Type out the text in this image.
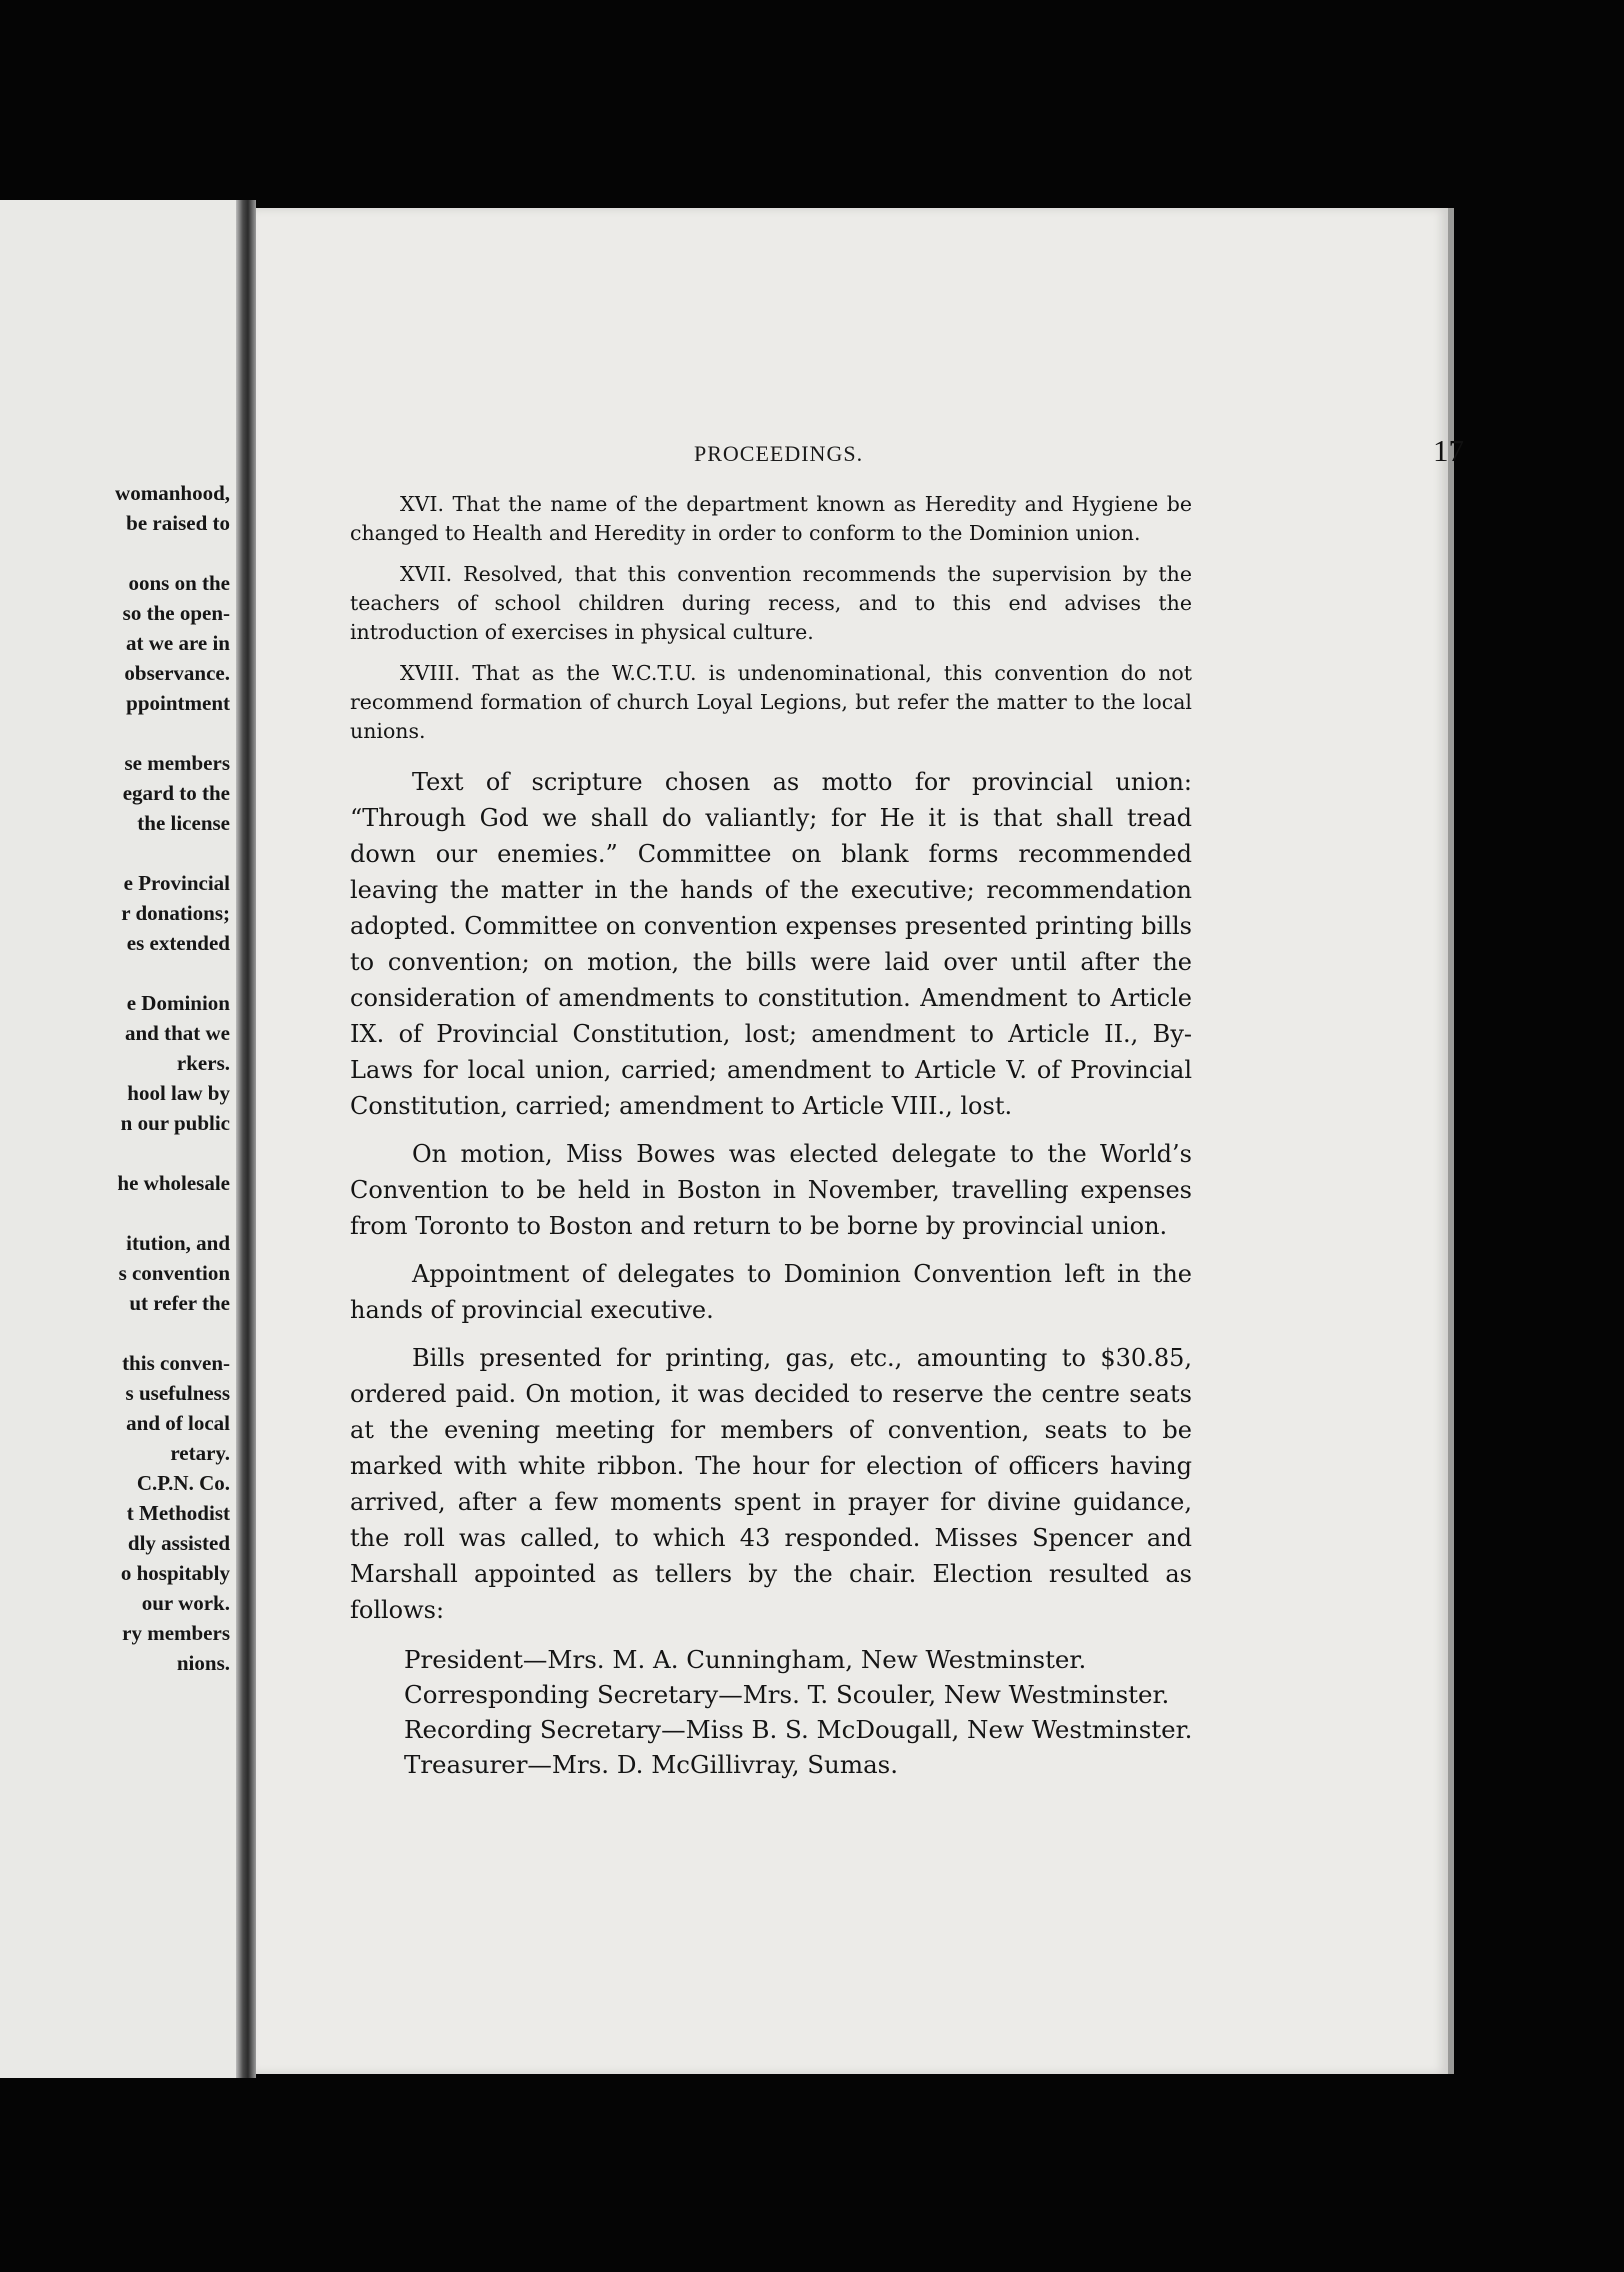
womanhood,
be raised to
oons on the
so the open-
at we are in
observance.
ppointment
se members
egard to the
the license
e Provincial
r donations;
es extended
e Dominion
and that we
rkers.
hool law by
n our public
he wholesale
itution, and
s convention
ut refer the
this conven-
s usefulness
and of local
retary.
C.P.N. Co.
t Methodist
dly assisted
o hospitably
our work.
ry members
nions.
PROCEEDINGS.	17

XVI. That the name of the department known as Heredity and Hygiene be changed to Health and Heredity in order to conform to the Dominion union.

XVII. Resolved, that this convention recommends the supervision by the teachers of school children during recess, and to this end advises the introduction of exercises in physical culture.

XVIII. That as the W.C.T.U. is undenominational, this convention do not recommend formation of church Loyal Legions, but refer the matter to the local unions.

Text of scripture chosen as motto for provincial union: “Through God we shall do valiantly; for He it is that shall tread down our enemies.” Committee on blank forms recommended leaving the matter in the hands of the executive; recommendation adopted. Committee on convention expenses presented printing bills to convention; on motion, the bills were laid over until after the consideration of amendments to constitution. Amendment to Article IX. of Provincial Constitution, lost; amendment to Article II., By-Laws for local union, carried; amendment to Article V. of Provincial Constitution, carried; amendment to Article VIII., lost.

On motion, Miss Bowes was elected delegate to the World’s Convention to be held in Boston in November, travelling expenses from Toronto to Boston and return to be borne by provincial union.

Appointment of delegates to Dominion Convention left in the hands of provincial executive.

Bills presented for printing, gas, etc., amounting to $30.85, ordered paid. On motion, it was decided to reserve the centre seats at the evening meeting for members of convention, seats to be marked with white ribbon. The hour for election of officers having arrived, after a few moments spent in prayer for divine guidance, the roll was called, to which 43 responded. Misses Spencer and Marshall appointed as tellers by the chair. Election resulted as follows:

President—Mrs. M. A. Cunningham, New Westminster.
Corresponding Secretary—Mrs. T. Scouler, New Westminster.
Recording Secretary—Miss B. S. McDougall, New Westminster.
Treasurer—Mrs. D. McGillivray, Sumas.
